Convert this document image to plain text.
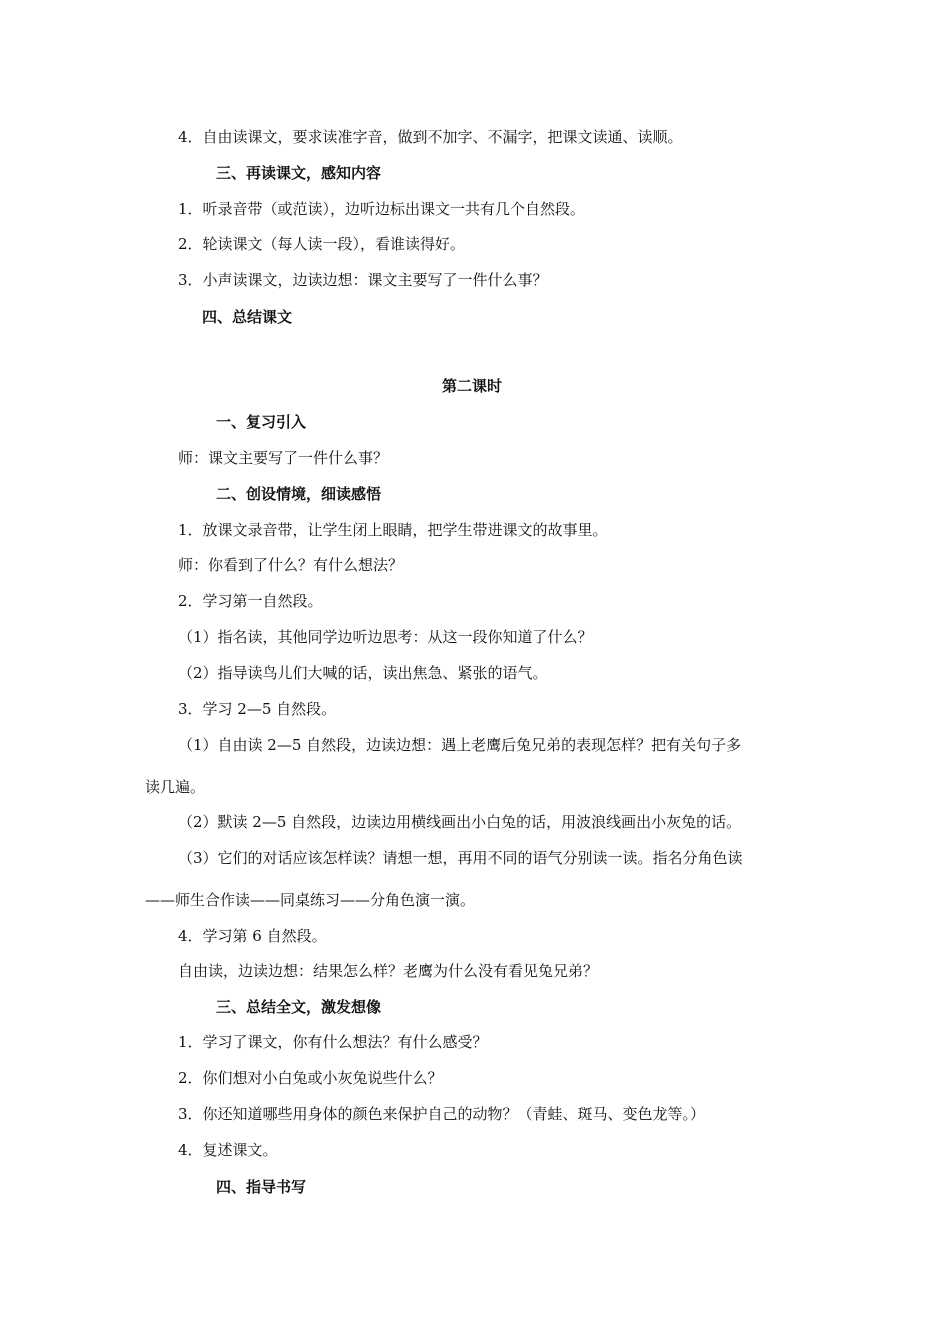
4．自由读课文，要求读准字音，做到不加字、不漏字，把课文读通、读顺。
三、再读课文，感知内容
1．听录音带（或范读），边听边标出课文一共有几个自然段。
2．轮读课文（每人读一段），看谁读得好。
3．小声读课文，边读边想：课文主要写了一件什么事？
四、总结课文
第二课时
一、复习引入
师：课文主要写了一件什么事？
二、创设情境，细读感悟
1．放课文录音带，让学生闭上眼睛，把学生带进课文的故事里。
师：你看到了什么？有什么想法？
2．学习第一自然段。
（1）指名读，其他同学边听边思考：从这一段你知道了什么？
（2）指导读鸟儿们大喊的话，读出焦急、紧张的语气。
3．学习 2—5 自然段。
（1）自由读 2—5 自然段，边读边想：遇上老鹰后兔兄弟的表现怎样？把有关句子多
读几遍。
（2）默读 2—5 自然段，边读边用横线画出小白兔的话，用波浪线画出小灰兔的话。
（3）它们的对话应该怎样读？请想一想，再用不同的语气分别读一读。指名分角色读
——师生合作读——同桌练习——分角色演一演。
4．学习第 6 自然段。
自由读，边读边想：结果怎么样？老鹰为什么没有看见兔兄弟？
三、总结全文，激发想像
1．学习了课文，你有什么想法？有什么感受？
2．你们想对小白兔或小灰兔说些什么？
3．你还知道哪些用身体的颜色来保护自己的动物？（青蛙、斑马、变色龙等。）
4．复述课文。
四、指导书写
